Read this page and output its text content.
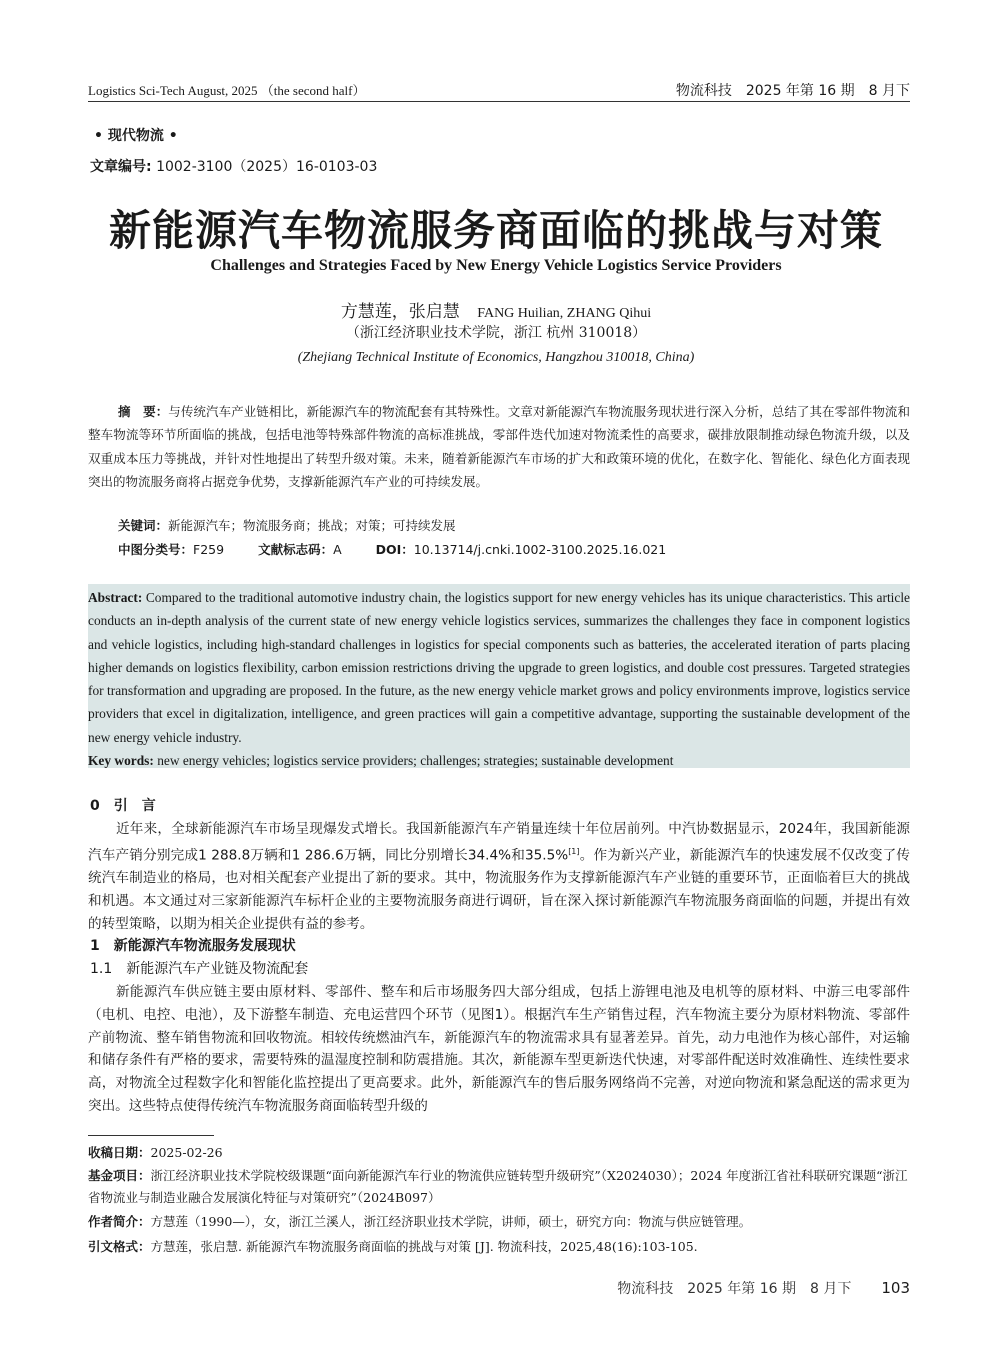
Logistics Sci-Tech August, 2025 （the second half）	物流科技　2025 年第 16 期　8 月下
• 现代物流 •
文章编号: 1002-3100（2025）16-0103-03
新能源汽车物流服务商面临的挑战与对策
Challenges and Strategies Faced by New Energy Vehicle Logistics Service Providers
方慧莲，张启慧 FANG Huilian, ZHANG Qihui
（浙江经济职业技术学院，浙江 杭州 310018）
(Zhejiang Technical Institute of Economics, Hangzhou 310018, China)
摘　要：与传统汽车产业链相比，新能源汽车的物流配套有其特殊性。文章对新能源汽车物流服务现状进行深入分析，总结了其在零部件物流和整车物流等环节所面临的挑战，包括电池等特殊部件物流的高标准挑战，零部件迭代加速对物流柔性的高要求，碳排放限制推动绿色物流升级，以及双重成本压力等挑战，并针对性地提出了转型升级对策。未来，随着新能源汽车市场的扩大和政策环境的优化，在数字化、智能化、绿色化方面表现突出的物流服务商将占据竞争优势，支撑新能源汽车产业的可持续发展。
关键词：新能源汽车；物流服务商；挑战；对策；可持续发展
中图分类号：F259	文献标志码：A	DOI：10.13714/j.cnki.1002-3100.2025.16.021
Abstract: Compared to the traditional automotive industry chain, the logistics support for new energy vehicles has its unique characteristics. This article conducts an in-depth analysis of the current state of new energy vehicle logistics services, summarizes the challenges they face in component logistics and vehicle logistics, including high-standard challenges in logistics for special components such as batteries, the accelerated iteration of parts placing higher demands on logistics flexibility, carbon emission restrictions driving the upgrade to green logistics, and double cost pressures. Targeted strategies for transformation and upgrading are proposed. In the future, as the new energy vehicle market grows and policy environments improve, logistics service providers that excel in digitalization, intelligence, and green practices will gain a competitive advantage, supporting the sustainable development of the new energy vehicle industry.
Key words: new energy vehicles; logistics service providers; challenges; strategies; sustainable development
0　引　言

近年来，全球新能源汽车市场呈现爆发式增长。我国新能源汽车产销量连续十年位居前列。中汽协数据显示，2024年，我国新能源汽车产销分别完成1 288.8万辆和1 286.6万辆，同比分别增长34.4%和35.5%[1]。作为新兴产业，新能源汽车的快速发展不仅改变了传统汽车制造业的格局，也对相关配套产业提出了新的要求。其中，物流服务作为支撑新能源汽车产业链的重要环节，正面临着巨大的挑战和机遇。本文通过对三家新能源汽车标杆企业的主要物流服务商进行调研，旨在深入探讨新能源汽车物流服务商面临的问题，并提出有效的转型策略，以期为相关企业提供有益的参考。

1　新能源汽车物流服务发展现状
1.1　新能源汽车产业链及物流配套

新能源汽车供应链主要由原材料、零部件、整车和后市场服务四大部分组成，包括上游锂电池及电机等的原材料、中游三电零部件（电机、电控、电池），及下游整车制造、充电运营四个环节（见图1）。根据汽车生产销售过程，汽车物流主要分为原材料物流、零部件产前物流、整车销售物流和回收物流。相较传统燃油汽车，新能源汽车的物流需求具有显著差异。首先，动力电池作为核心部件，对运输和储存条件有严格的要求，需要特殊的温湿度控制和防震措施。其次，新能源车型更新迭代快速，对零部件配送时效准确性、连续性要求高，对物流全过程数字化和智能化监控提出了更高要求。此外，新能源汽车的售后服务网络尚不完善，对逆向物流和紧急配送的需求更为突出。这些特点使得传统汽车物流服务商面临转型升级的

收稿日期：2025-02-26
基金项目：浙江经济职业技术学院校级课题“面向新能源汽车行业的物流供应链转型升级研究”（X2024030）；2024 年度浙江省社科联研究课题“浙江省物流业与制造业融合发展演化特征与对策研究”（2024B097）
作者简介：方慧莲（1990—），女，浙江兰溪人，浙江经济职业技术学院，讲师，硕士，研究方向：物流与供应链管理。
引文格式：方慧莲，张启慧. 新能源汽车物流服务商面临的挑战与对策 [J]. 物流科技，2025,48(16):103-105.
物流科技　2025 年第 16 期　8 月下 103
